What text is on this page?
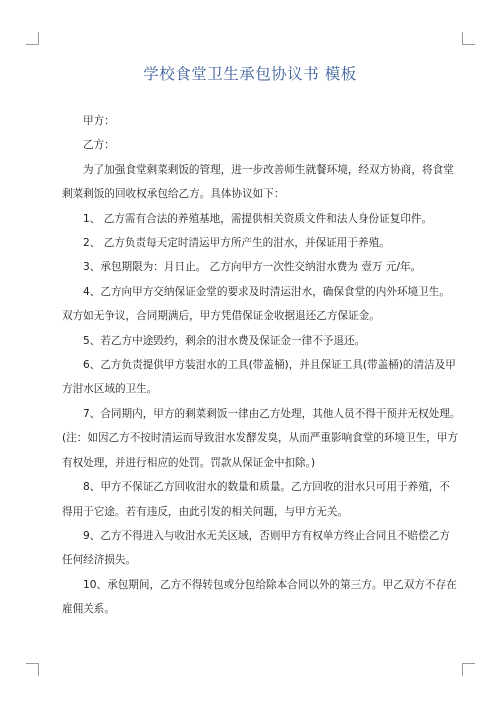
学校食堂卫生承包协议书 模板
甲方：
乙方：
为了加强食堂剩菜剩饭的管理，进一步改善师生就餐环境，经双方协商，将食堂
剩菜剩饭的回收权承包给乙方。具体协议如下：
1、 乙方需有合法的养殖基地，需提供相关资质文件和法人身份证复印件。
2、 乙方负责每天定时清运甲方所产生的泔水，并保证用于养殖。
3、承包期限为：月日止。 乙方向甲方一次性交纳泔水费为 壹万 元/年。
4、乙方向甲方交纳保证金堂的要求及时清运泔水，确保食堂的内外环境卫生。
双方如无争议，合同期满后，甲方凭借保证金收据退还乙方保证金。
5、若乙方中途毁约，剩余的泔水费及保证金一律不予退还。
6、乙方负责提供甲方装泔水的工具(带盖桶)，并且保证工具(带盖桶)的清洁及甲
方泔水区域的卫生。
7、合同期内，甲方的剩菜剩饭一律由乙方处理，其他人员不得干预并无权处理。
(注：如因乙方不按时清运而导致泔水发酵发臭，从而严重影响食堂的环境卫生，甲方
有权处理，并进行相应的处罚。罚款从保证金中扣除。)
8、甲方不保证乙方回收泔水的数量和质量。乙方回收的泔水只可用于养殖，不
得用于它途。若有违反，由此引发的相关问题，与甲方无关。
9、乙方不得进入与收泔水无关区域，否则甲方有权单方终止合同且不赔偿乙方
任何经济损失。
10、承包期间，乙方不得转包或分包给除本合同以外的第三方。甲乙双方不存在
雇佣关系。
